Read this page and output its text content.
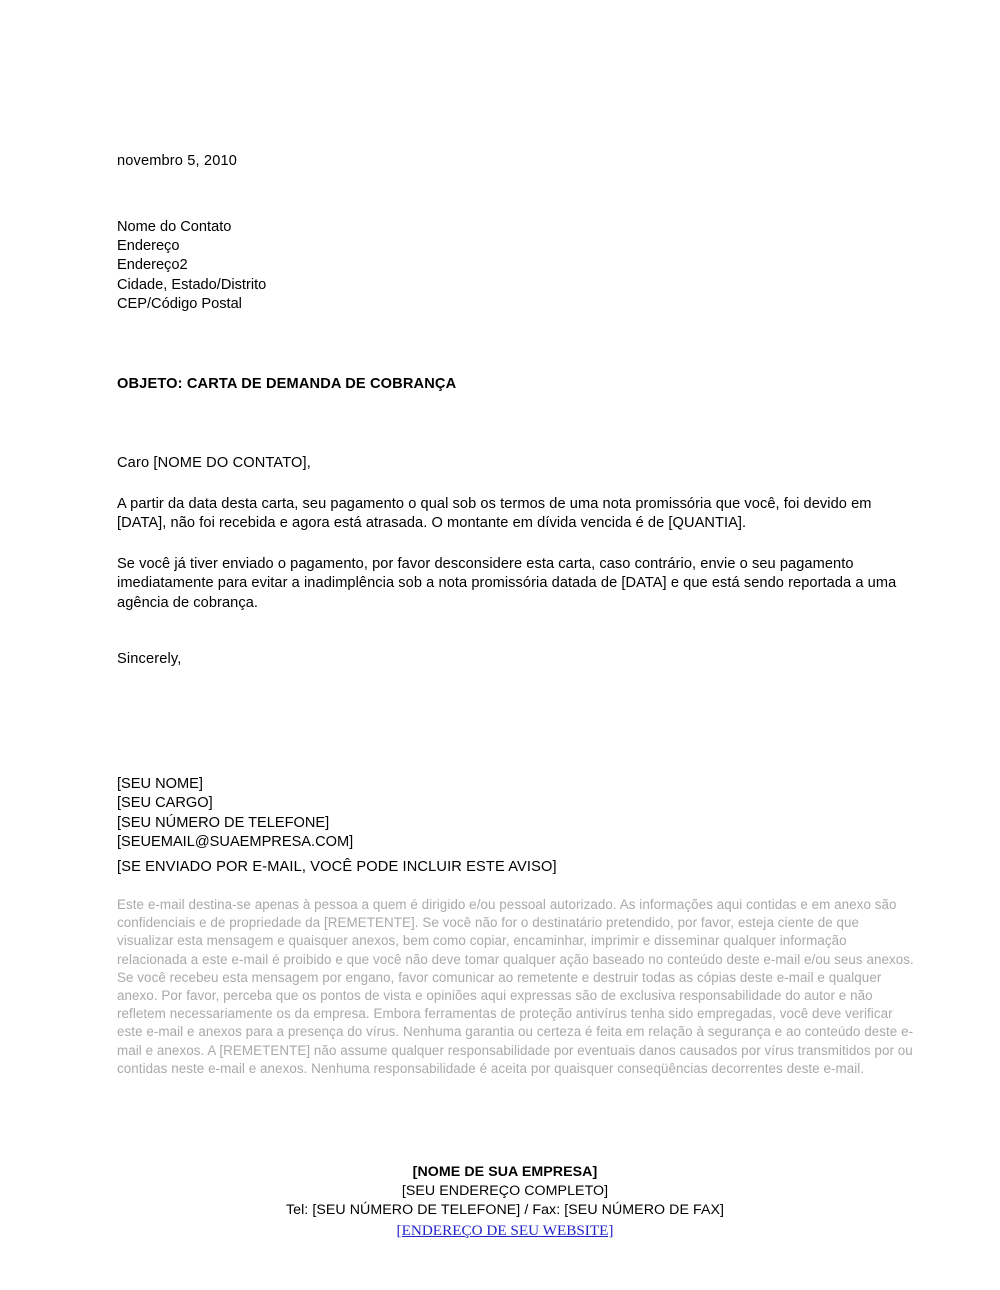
novembro 5, 2010
Nome do Contato
Endereço
Endereço2
Cidade, Estado/Distrito
CEP/Código Postal
OBJETO: CARTA DE DEMANDA DE COBRANÇA
Caro [NOME DO CONTATO],
A partir da data desta carta, seu pagamento o qual sob os termos de uma nota promissória que você, foi devido em [DATA], não foi recebida e agora está atrasada. O montante em dívida vencida é de [QUANTIA].
Se você já tiver enviado o pagamento, por favor desconsidere esta carta, caso contrário, envie o seu pagamento imediatamente para evitar a inadimplência sob a nota promissória datada de [DATA] e que está sendo reportada a uma agência de cobrança.
Sincerely,
[SEU NOME]
[SEU CARGO]
[SEU NÚMERO DE TELEFONE]
[SEUEMAIL@SUAEMPRESA.COM]
[SE ENVIADO POR E-MAIL, VOCÊ PODE INCLUIR ESTE AVISO]
Este e-mail destina-se apenas à pessoa a quem é dirigido e/ou pessoal autorizado. As informações aqui contidas e em anexo são confidenciais e de propriedade da [REMETENTE]. Se você não for o destinatário pretendido, por favor, esteja ciente de que visualizar esta mensagem e quaisquer anexos, bem como copiar, encaminhar, imprimir e disseminar qualquer informação relacionada a este e-mail é proibido e que você não deve tomar qualquer ação baseado no conteúdo deste e-mail e/ou seus anexos. Se você recebeu esta mensagem por engano, favor comunicar ao remetente e destruir todas as cópias deste e-mail e qualquer anexo. Por favor, perceba que os pontos de vista e opiniões aqui expressas são de exclusiva responsabilidade do autor e não refletem necessariamente os da empresa. Embora ferramentas de proteção antivírus tenha sido empregadas, você deve verificar este e-mail e anexos para a presença do vírus. Nenhuma garantia ou certeza é feita em relação à segurança e ao conteúdo deste e-mail e anexos. A [REMETENTE] não assume qualquer responsabilidade por eventuais danos causados por vírus transmitidos por ou contidas neste e-mail e anexos. Nenhuma responsabilidade é aceita por quaisquer conseqüências decorrentes deste e-mail.
[NOME DE SUA EMPRESA]
[SEU ENDEREÇO COMPLETO]
Tel: [SEU NÚMERO DE TELEFONE] / Fax: [SEU NÚMERO DE FAX]
[ENDEREÇO DE SEU WEBSITE]
